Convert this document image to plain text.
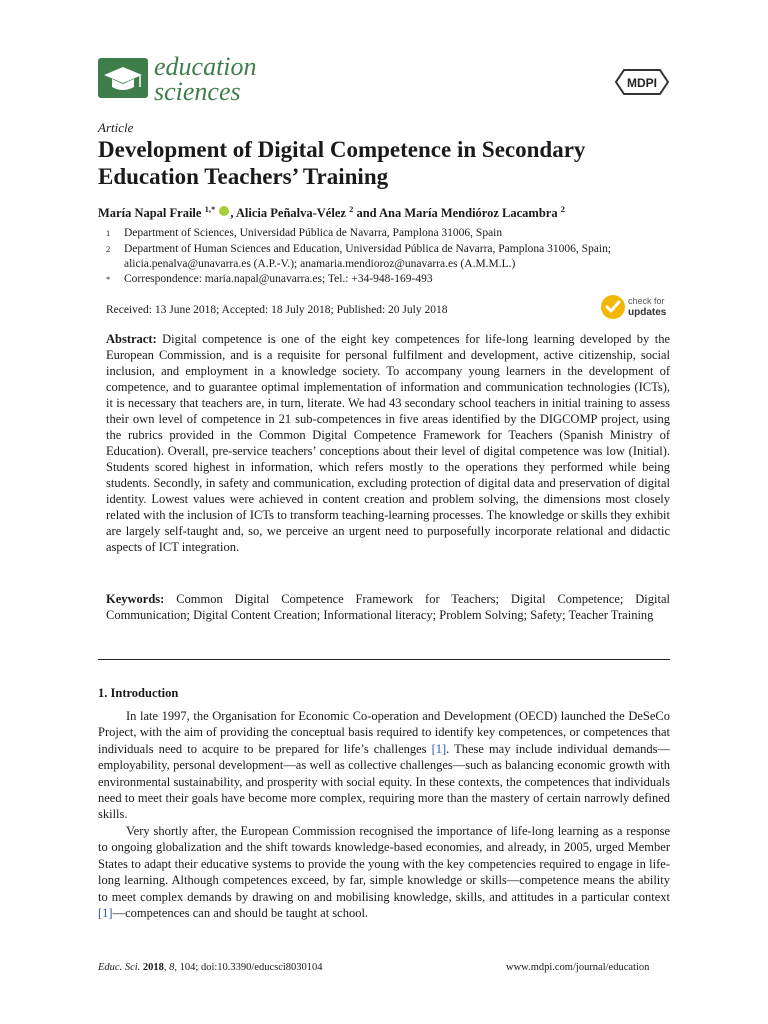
education
sciences	MDPI
Article
Development of Digital Competence in Secondary Education Teachers’ Training
María Napal Fraile $^{1,*}$ , Alicia Peñalva-Vélez $^2$ and Ana María Mendióroz Lacambra $^2$
1 Department of Sciences, Universidad Pública de Navarra, Pamplona 31006, Spain
2 Department of Human Sciences and Education, Universidad Pública de Navarra, Pamplona 31006, Spain;
alicia.penalva@unavarra.es (A.P.-V.); anamaria.mendioroz@unavarra.es (A.M.M.L.)
* Correspondence: maria.napal@unavarra.es; Tel.: +34-948-169-493
Received: 13 June 2018; Accepted: 18 July 2018; Published: 20 July 2018
check for
updates
Abstract: Digital competence is one of the eight key competences for life-long learning developed by the European Commission, and is a requisite for personal fulfilment and development, active citizenship, social inclusion, and employment in a knowledge society. To accompany young learners in the development of competence, and to guarantee optimal implementation of information and communication technologies (ICTs), it is necessary that teachers are, in turn, literate. We had 43 secondary school teachers in initial training to assess their own level of competence in 21 sub-competences in five areas identified by the DIGCOMP project, using the rubrics provided in the Common Digital Competence Framework for Teachers (Spanish Ministry of Education). Overall, pre-service teachers’ conceptions about their level of digital competence was low (Initial). Students scored highest in information, which refers mostly to the operations they performed while being students. Secondly, in safety and communication, excluding protection of digital data and preservation of digital identity. Lowest values were achieved in content creation and problem solving, the dimensions most closely related with the inclusion of ICTs to transform teaching-learning processes. The knowledge or skills they exhibit are largely self-taught and, so, we perceive an urgent need to purposefully incorporate relational and didactic aspects of ICT integration.
Keywords: Common Digital Competence Framework for Teachers; Digital Competence; Digital Communication; Digital Content Creation; Informational literacy; Problem Solving; Safety; Teacher Training
1. Introduction
In late 1997, the Organisation for Economic Co-operation and Development (OECD) launched the DeSeCo Project, with the aim of providing the conceptual basis required to identify key competences, or competences that individuals need to acquire to be prepared for life’s challenges [1]. These may include individual demands—employability, personal development—as well as collective challenges—such as balancing economic growth with environmental sustainability, and prosperity with social equity. In these contexts, the competences that individuals need to meet their goals have become more complex, requiring more than the mastery of certain narrowly defined skills.
Very shortly after, the European Commission recognised the importance of life-long learning as a response to ongoing globalization and the shift towards knowledge-based economies, and already, in 2005, urged Member States to adapt their educative systems to provide the young with the key competencies required to engage in life-long learning. Although competences exceed, by far, simple knowledge or skills—competence means the ability to meet complex demands by drawing on and mobilising knowledge, skills, and attitudes in a particular context [1]—competences can and should be taught at school.
Educ. Sci. 2018, 8, 104; doi:10.3390/educsci8030104	www.mdpi.com/journal/education
